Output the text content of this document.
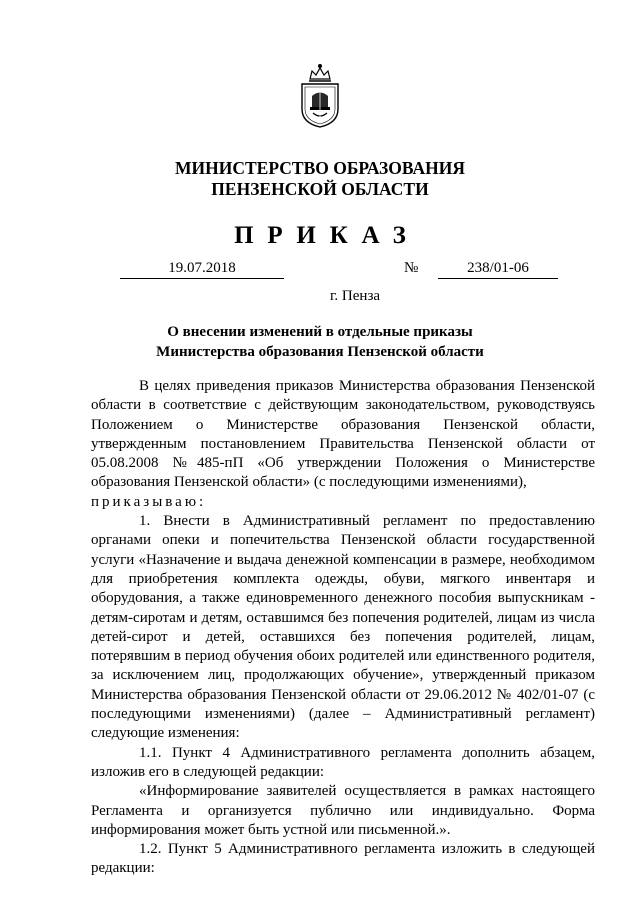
МИНИСТЕРСТВО ОБРАЗОВАНИЯ
ПЕНЗЕНСКОЙ ОБЛАСТИ
ПРИКАЗ
19.07.2018	№	238/01-06
г. Пенза
О внесении изменений в отдельные приказы
Министерства образования Пензенской области

В целях приведения приказов Министерства образования Пензенской области в соответствие с действующим законодательством, руководствуясь Положением о Министерстве образования Пензенской области, утвержденным постановлением Правительства Пензенской области от 05.08.2008 №485-пП «Об утверждении Положения о Министерстве образования Пензенской области» (с последующими изменениями),

приказываю:

1. Внести в Административный регламент по предоставлению органами опеки и попечительства Пензенской области государственной услуги «Назначение и выдача денежной компенсации в размере, необходимом для приобретения комплекта одежды, обуви, мягкого инвентаря и оборудования, а также единовременного денежного пособия выпускникам - детям-сиротам и детям, оставшимся без попечения родителей, лицам из числа детей-сирот и детей, оставшихся без попечения родителей, лицам, потерявшим в период обучения обоих родителей или единственного родителя, за исключением лиц, продолжающих обучение», утвержденный приказом Министерства образования Пензенской области от 29.06.2012 № 402/01-07 (с последующими изменениями) (далее – Административный регламент) следующие изменения:

1.1. Пункт 4 Административного регламента дополнить абзацем, изложив его в следующей редакции:

«Информирование заявителей осуществляется в рамках настоящего Регламента и организуется публично или индивидуально. Форма информирования может быть устной или письменной.».

1.2. Пункт 5 Административного регламента изложить в следующей редакции:
